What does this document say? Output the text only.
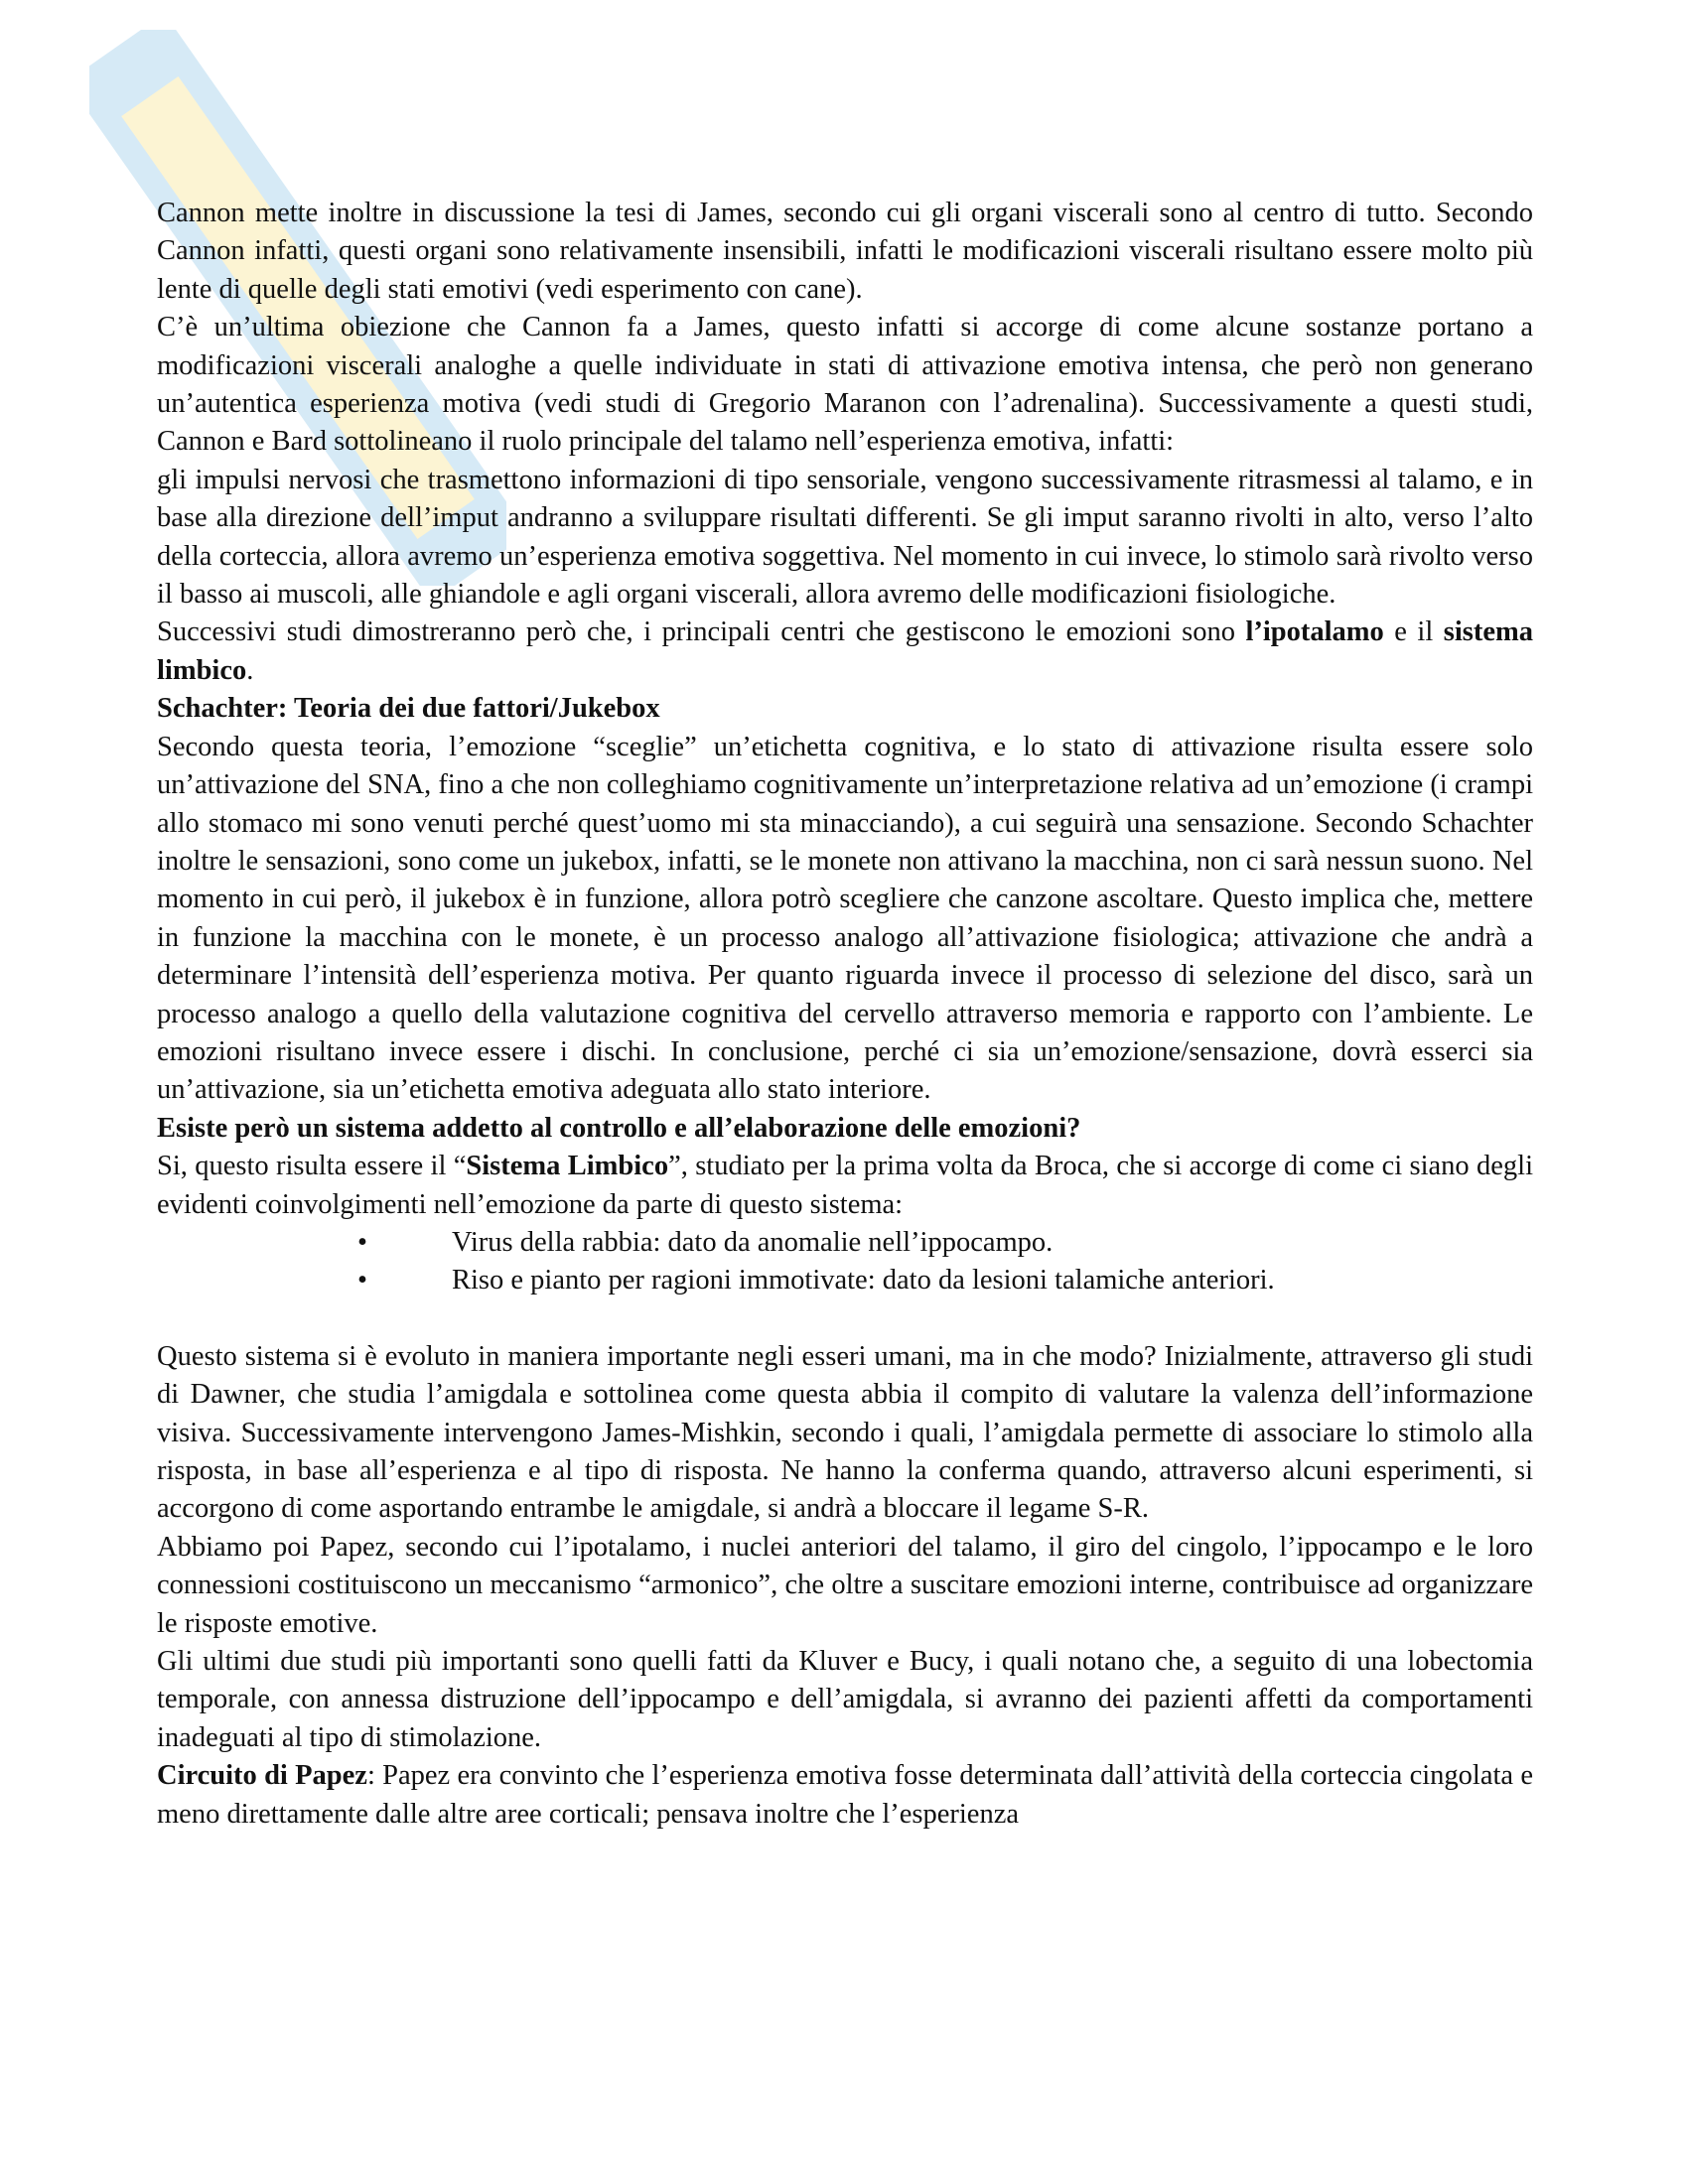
Cannon mette inoltre in discussione la tesi di James, secondo cui gli organi viscerali sono al centro di tutto. Secondo Cannon infatti, questi organi sono relativamente insensibili, infatti le modificazioni viscerali risultano essere molto più lente di quelle degli stati emotivi (vedi esperimento con cane).

C’è un’ultima obiezione che Cannon fa a James, questo infatti si accorge di come alcune sostanze portano a modificazioni viscerali analoghe a quelle individuate in stati di attivazione emotiva intensa, che però non generano un’autentica esperienza motiva (vedi studi di Gregorio Maranon con l’adrenalina). Successivamente a questi studi, Cannon e Bard sottolineano il ruolo principale del talamo nell’esperienza emotiva, infatti:

gli impulsi nervosi che trasmettono informazioni di tipo sensoriale, vengono successivamente ritrasmessi al talamo, e in base alla direzione dell’imput andranno a sviluppare risultati differenti. Se gli imput saranno rivolti in alto, verso l’alto della corteccia, allora avremo un’esperienza emotiva soggettiva. Nel momento in cui invece, lo stimolo sarà rivolto verso il basso ai muscoli, alle ghiandole e agli organi viscerali, allora avremo delle modificazioni fisiologiche.

Successivi studi dimostreranno però che, i principali centri che gestiscono le emozioni sono l’ipotalamo e il sistema limbico.

Schachter: Teoria dei due fattori/Jukebox

Secondo questa teoria, l’emozione “sceglie” un’etichetta cognitiva, e lo stato di attivazione risulta essere solo un’attivazione del SNA, fino a che non colleghiamo cognitivamente un’interpretazione relativa ad un’emozione (i crampi allo stomaco mi sono venuti perché quest’uomo mi sta minacciando), a cui seguirà una sensazione. Secondo Schachter inoltre le sensazioni, sono come un jukebox, infatti, se le monete non attivano la macchina, non ci sarà nessun suono. Nel momento in cui però, il jukebox è in funzione, allora potrò scegliere che canzone ascoltare. Questo implica che, mettere in funzione la macchina con le monete, è un processo analogo all’attivazione fisiologica; attivazione che andrà a determinare l’intensità dell’esperienza motiva. Per quanto riguarda invece il processo di selezione del disco, sarà un processo analogo a quello della valutazione cognitiva del cervello attraverso memoria e rapporto con l’ambiente. Le emozioni risultano invece essere i dischi. In conclusione, perché ci sia un’emozione/sensazione, dovrà esserci sia un’attivazione, sia un’etichetta emotiva adeguata allo stato interiore.

Esiste però un sistema addetto al controllo e all’elaborazione delle emozioni?

Si, questo risulta essere il “Sistema Limbico”, studiato per la prima volta da Broca, che si accorge di come ci siano degli evidenti coinvolgimenti nell’emozione da parte di questo sistema:

•	Virus della rabbia: dato da anomalie nell’ippocampo.
•	Riso e pianto per ragioni immotivate: dato da lesioni talamiche anteriori.

Questo sistema si è evoluto in maniera importante negli esseri umani, ma in che modo? Inizialmente, attraverso gli studi di Dawner, che studia l’amigdala e sottolinea come questa abbia il compito di valutare la valenza dell’informazione visiva. Successivamente intervengono James-Mishkin, secondo i quali, l’amigdala permette di associare lo stimolo alla risposta, in base all’esperienza e al tipo di risposta. Ne hanno la conferma quando, attraverso alcuni esperimenti, si accorgono di come asportando entrambe le amigdale, si andrà a bloccare il legame S-R.

Abbiamo poi Papez, secondo cui l’ipotalamo, i nuclei anteriori del talamo, il giro del cingolo, l’ippocampo e le loro connessioni costituiscono un meccanismo “armonico”, che oltre a suscitare emozioni interne, contribuisce ad organizzare le risposte emotive.

Gli ultimi due studi più importanti sono quelli fatti da Kluver e Bucy, i quali notano che, a seguito di una lobectomia temporale, con annessa distruzione dell’ippocampo e dell’amigdala, si avranno dei pazienti affetti da comportamenti inadeguati al tipo di stimolazione.

Circuito di Papez: Papez era convinto che l’esperienza emotiva fosse determinata dall’attività della corteccia cingolata e meno direttamente dalle altre aree corticali; pensava inoltre che l’esperienza
